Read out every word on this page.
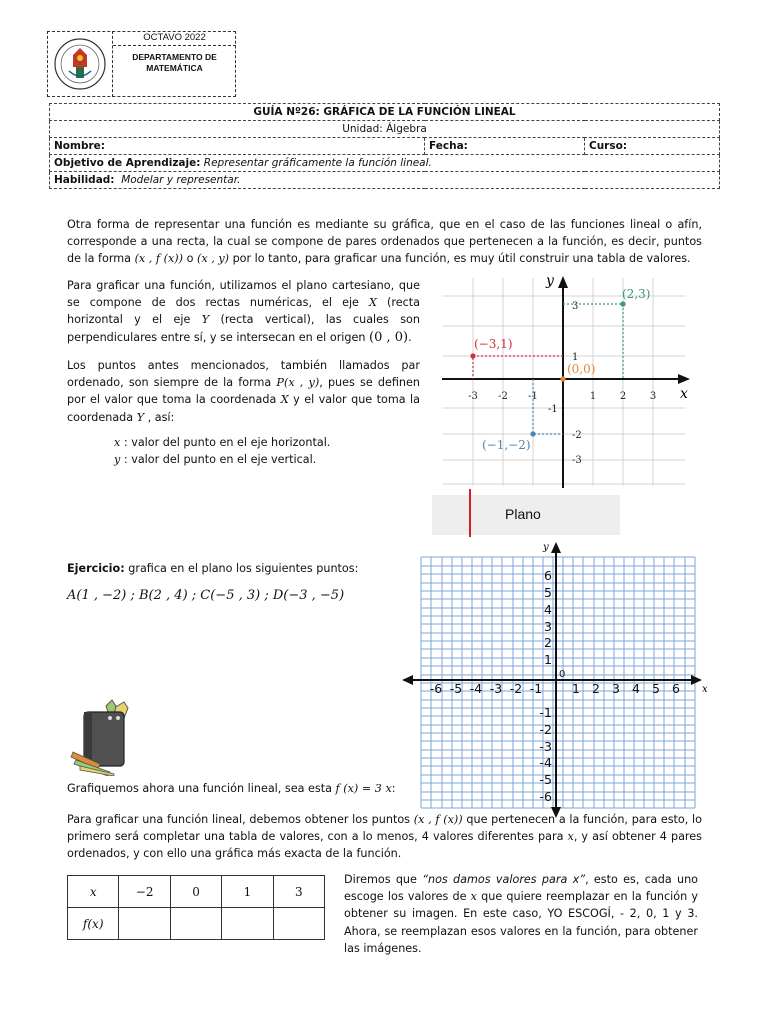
OCTAVO 2022
DEPARTAMENTO DE MATEMÁTICA
GUÍA Nº26: GRÁFICA DE LA FUNCIÓN LINEAL
Unidad: Álgebra
Nombre:	Fecha:	Curso:
Objetivo de Aprendizaje: Representar gráficamente la función lineal.
Habilidad: Modelar y representar.
Otra forma de representar una función es mediante su gráfica, que en el caso de las funciones lineal o afín, corresponde a una recta, la cual se compone de pares ordenados que pertenecen a la función, es decir, puntos de la forma (x , f (x)) o (x , y) por lo tanto, para graficar una función, es muy útil construir una tabla de valores.
Para graficar una función, utilizamos el plano cartesiano, que se compone de dos rectas numéricas, el eje X (recta horizontal y el eje Y (recta vertical), las cuales son perpendiculares entre sí, y se intersecan en el origen (0 , 0).
Los puntos antes mencionados, también llamados par ordenado, son siempre de la forma P(x , y), pues se definen por el valor que toma la coordenada X y el valor que toma la coordenada Y , así:
x : valor del punto en el eje horizontal.
y : valor del punto en el eje vertical.
y
x
-3 -2 -1	1 2 3
3
1
-1
-2
-3
(2,3)
(−3,1)
(0,0)
(−1,−2)
Plano
Ejercicio: grafica en el plano los siguientes puntos:
A(1 , −2) ; B(2 , 4) ; C(−5 , 3) ; D(−3 , −5)
y
x
0
-6 -5 -4 -3 -2 -1 1 2 3 4 5 6
6
5
4
3
2
1
-1
-2
-3
-4
-5
-6
Grafiquemos ahora una función lineal, sea esta f (x) = 3 x:
Para graficar una función lineal, debemos obtener los puntos (x , f (x)) que pertenecen a la función, para esto, lo primero será completar una tabla de valores, con a lo menos, 4 valores diferentes para x, y así obtener 4 pares ordenados, y con ello una gráfica más exacta de la función.
x	−2	0	1	3
f(x)				
Diremos que “nos damos valores para x”, esto es, cada uno escoge los valores de x que quiere reemplazar en la función y obtener su imagen. En este caso, YO ESCOGÍ, - 2, 0, 1 y 3. Ahora, se reemplazan esos valores en la función, para obtener las imágenes.
